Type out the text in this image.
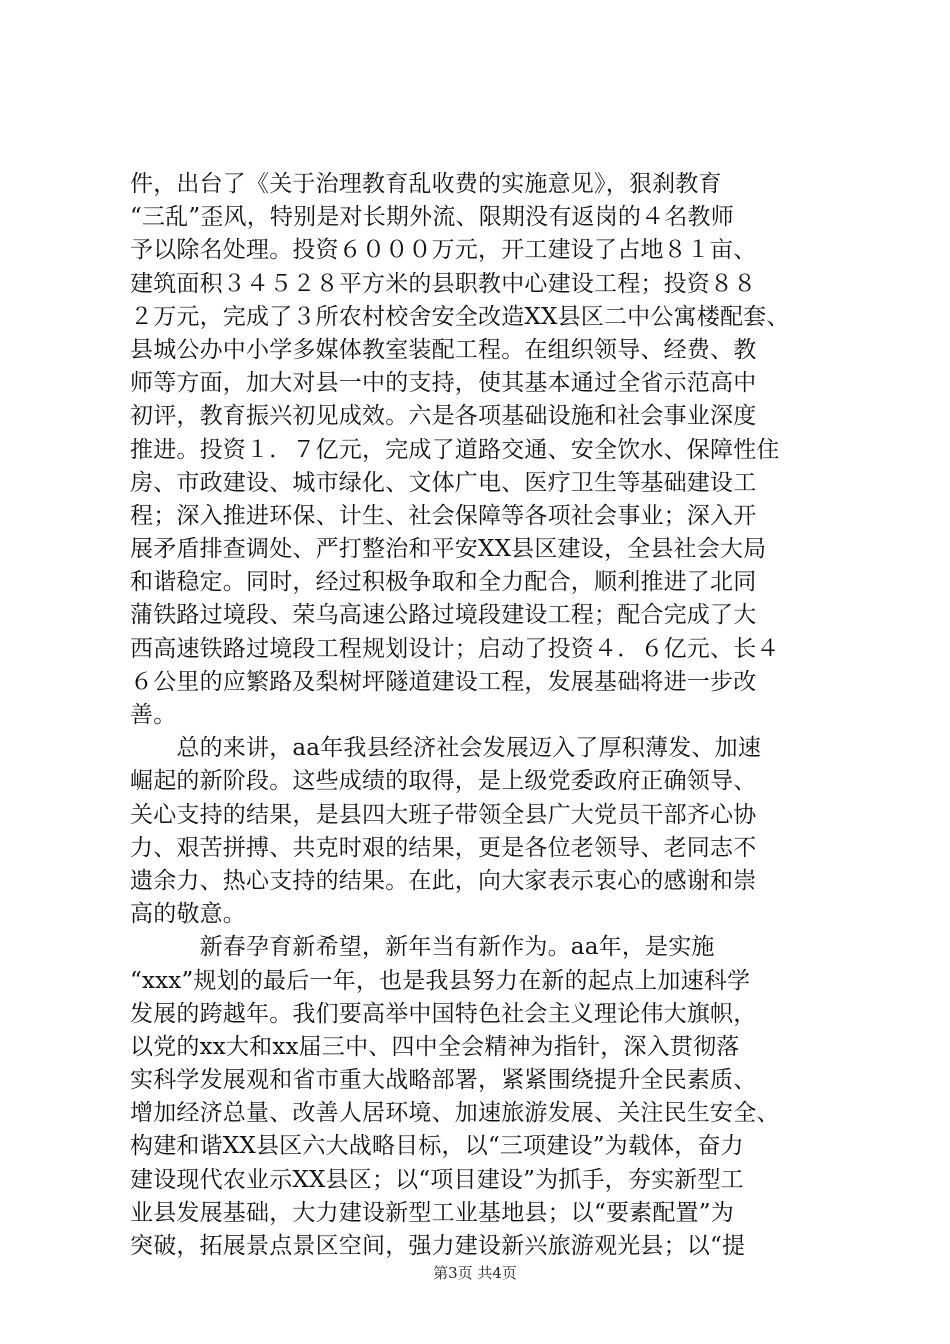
件，出台了《关于治理教育乱收费的实施意见》，狠刹教育
“三乱”歪风，特别是对长期外流、限期没有返岗的４名教师
予以除名处理。投资６０００万元，开工建设了占地８１亩、
建筑面积３４５２８平方米的县职教中心建设工程；投资８８
２万元，完成了３所农村校舍安全改造XX县区二中公寓楼配套、
县城公办中小学多媒体教室装配工程。在组织领导、经费、教
师等方面，加大对县一中的支持，使其基本通过全省示范高中
初评，教育振兴初见成效。六是各项基础设施和社会事业深度
推进。投资１．７亿元，完成了道路交通、安全饮水、保障性住
房、市政建设、城市绿化、文体广电、医疗卫生等基础建设工
程；深入推进环保、计生、社会保障等各项社会事业；深入开
展矛盾排查调处、严打整治和平安XX县区建设，全县社会大局
和谐稳定。同时，经过积极争取和全力配合，顺利推进了北同
蒲铁路过境段、荣乌高速公路过境段建设工程；配合完成了大
西高速铁路过境段工程规划设计；启动了投资４．６亿元、长４
６公里的应繁路及梨树坪隧道建设工程，发展基础将进一步改
善。
　　总的来讲，aa年我县经济社会发展迈入了厚积薄发、加速
崛起的新阶段。这些成绩的取得，是上级党委政府正确领导、
关心支持的结果，是县四大班子带领全县广大党员干部齐心协
力、艰苦拼搏、共克时艰的结果，更是各位老领导、老同志不
遗余力、热心支持的结果。在此，向大家表示衷心的感谢和崇
高的敬意。
　　　新春孕育新希望，新年当有新作为。aa年，是实施
“xxx”规划的最后一年，也是我县努力在新的起点上加速科学
发展的跨越年。我们要高举中国特色社会主义理论伟大旗帜，
以党的xx大和xx届三中、四中全会精神为指针，深入贯彻落
实科学发展观和省市重大战略部署，紧紧围绕提升全民素质、
增加经济总量、改善人居环境、加速旅游发展、关注民生安全、
构建和谐XX县区六大战略目标，以“三项建设”为载体，奋力
建设现代农业示XX县区；以“项目建设”为抓手，夯实新型工
业县发展基础，大力建设新型工业基地县；以“要素配置”为
突破，拓展景点景区空间，强力建设新兴旅游观光县；以“提
第3页 共4页
